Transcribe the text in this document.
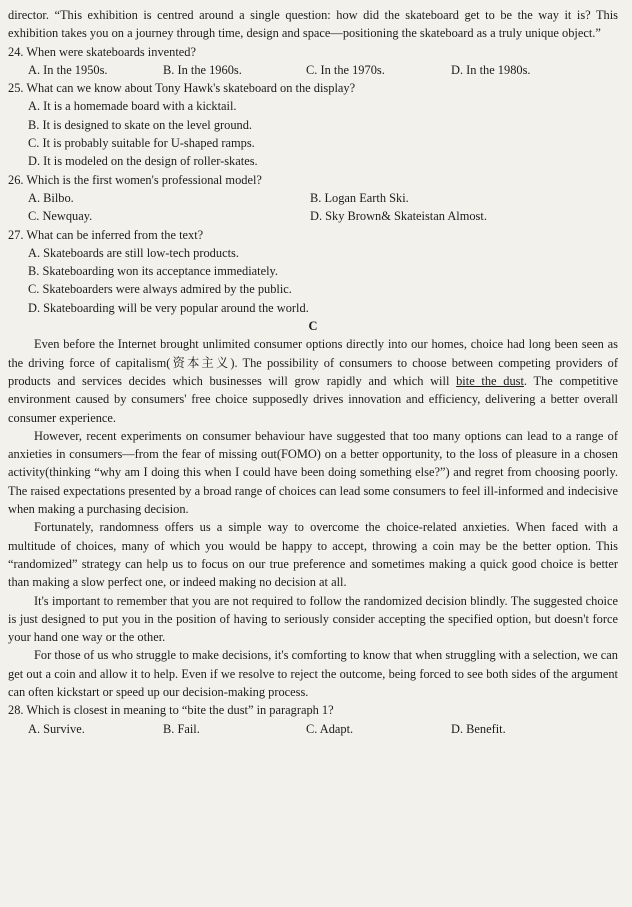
director. “This exhibition is centred around a single question: how did the skateboard get to be the way it is? This exhibition takes you on a journey through time, design and space—positioning the skateboard as a truly unique object.”

24. When were skateboards invented?

A. In the 1950s.	B. In the 1960s.	C. In the 1970s.	D. In the 1980s.

25. What can we know about Tony Hawk's skateboard on the display?

A. It is a homemade board with a kicktail.

B. It is designed to skate on the level ground.

C. It is probably suitable for U-shaped ramps.

D. It is modeled on the design of roller-skates.

26. Which is the first women's professional model?

A. Bilbo.	B. Logan Earth Ski.
C. Newquay.	D. Sky Brown& Skateistan Almost.

27. What can be inferred from the text?

A. Skateboards are still low-tech products.

B. Skateboarding won its acceptance immediately.

C. Skateboarders were always admired by the public.

D. Skateboarding will be very popular around the world.

C

Even before the Internet brought unlimited consumer options directly into our homes, choice had long been seen as the driving force of capitalism(资本主义). The possibility of consumers to choose between competing providers of products and services decides which businesses will grow rapidly and which will bite the dust. The competitive environment caused by consumers' free choice supposedly drives innovation and efficiency, delivering a better overall consumer experience.

However, recent experiments on consumer behaviour have suggested that too many options can lead to a range of anxieties in consumers—from the fear of missing out(FOMO) on a better opportunity, to the loss of pleasure in a chosen activity(thinking “why am I doing this when I could have been doing something else?”) and regret from choosing poorly. The raised expectations presented by a broad range of choices can lead some consumers to feel ill-informed and indecisive when making a purchasing decision.

Fortunately, randomness offers us a simple way to overcome the choice-related anxieties. When faced with a multitude of choices, many of which you would be happy to accept, throwing a coin may be the better option. This “randomized” strategy can help us to focus on our true preference and sometimes making a quick good choice is better than making a slow perfect one, or indeed making no decision at all.

It's important to remember that you are not required to follow the randomized decision blindly. The suggested choice is just designed to put you in the position of having to seriously consider accepting the specified option, but doesn't force your hand one way or the other.

For those of us who struggle to make decisions, it's comforting to know that when struggling with a selection, we can get out a coin and allow it to help. Even if we resolve to reject the outcome, being forced to see both sides of the argument can often kickstart or speed up our decision-making process.

28. Which is closest in meaning to “bite the dust” in paragraph 1?

A. Survive.	B. Fail.	C. Adapt.	D. Benefit.
